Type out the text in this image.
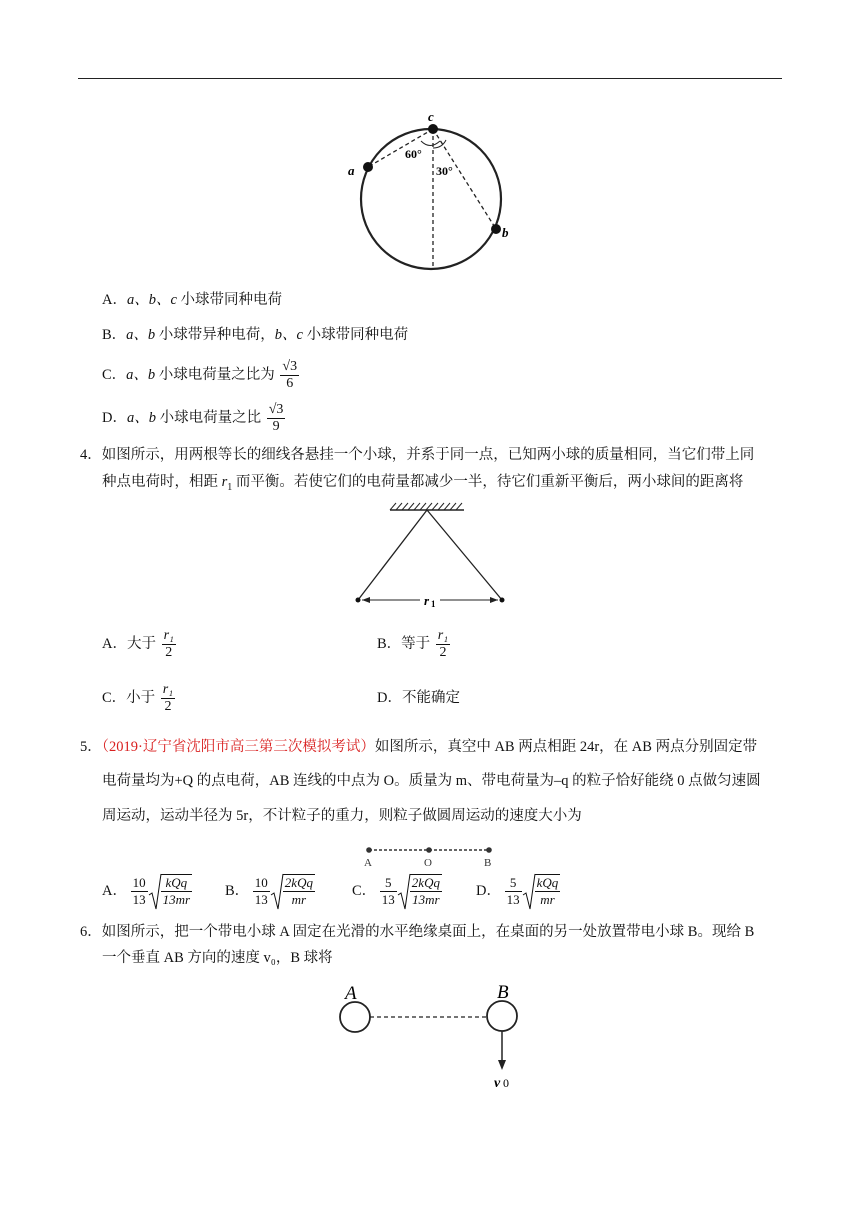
c
a
b
60°
30°
A．a、b、c 小球带同种电荷
B．a、b 小球带异种电荷，b、c 小球带同种电荷
C．a、b 小球电荷量之比为 $\frac{√3}{6}$
D．a、b 小球电荷量之比 $\frac{√3}{9}$
4．如图所示，用两根等长的细线各悬挂一个小球，并系于同一点，已知两小球的质量相同，当它们带上同
种点电荷时，相距 $r_1$ 而平衡。若使它们的电荷量都减少一半，待它们重新平衡后，两小球间的距离将
r 1
A．大于 $\frac{\text{r₁}}{2}$	B．等于 $\frac{\text{r₁}}{2}$
C．小于 $\frac{\text{r₁}}{2}$	D．不能确定
5．（2019·辽宁省沈阳市高三第三次模拟考试）如图所示，真空中 AB 两点相距 24r，在 AB 两点分别固定带
电荷量均为+Q 的点电荷，AB 连线的中点为 O。质量为 m、带电荷量为–q 的粒子恰好能绕 0 点做匀速圆
周运动，运动半径为 5r，不计粒子的重力，则粒子做圆周运动的速度大小为
A	O	B
A． $\frac{10}{13} \frac{\text{kQq}}{13mr}$ B． $\frac{10}{13} \frac{\text{2kQq}}{mr}$	C． $\frac{5}{13} \frac{\text{2kQq}}{13mr}$ D． $\frac{5}{13} \frac{\text{kQq}}{mr}$
6．如图所示，把一个带电小球 A 固定在光滑的水平绝缘桌面上，在桌面的另一处放置带电小球 B。现给 B
一个垂直 AB 方向的速度 v₀，B 球将
A	B
v 0
